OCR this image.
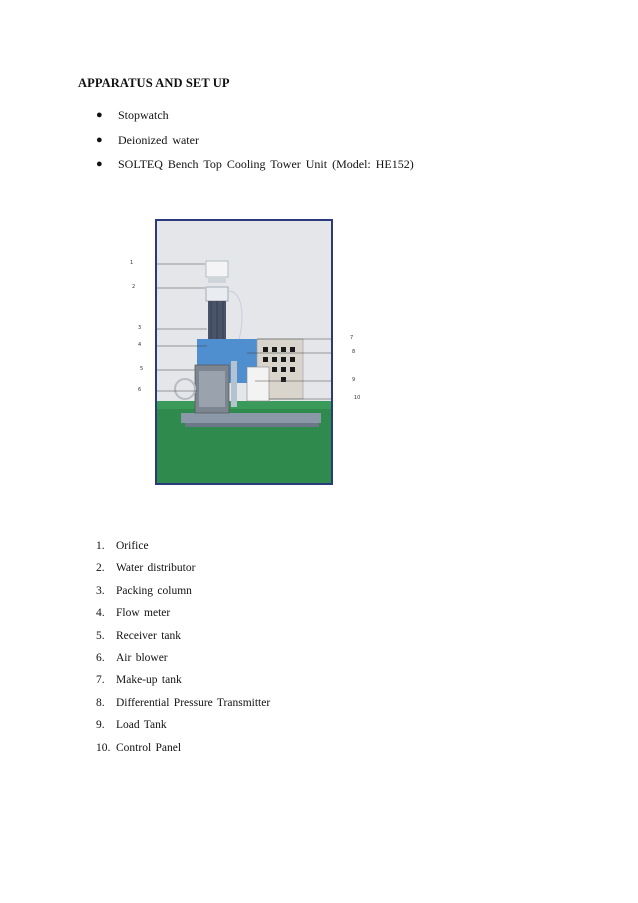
APPARATUS AND SET UP
●	Stopwatch
●	Deionized water
●	SOLTEQ Bench Top Cooling Tower Unit (Model: HE152)
1
2
3
4
5
6
7
8
9
10
1. Orifice
2. Water distributor
3. Packing column
4. Flow meter
5. Receiver tank
6. Air blower
7. Make-up tank
8. Differential Pressure Transmitter
9. Load Tank
10. Control Panel
